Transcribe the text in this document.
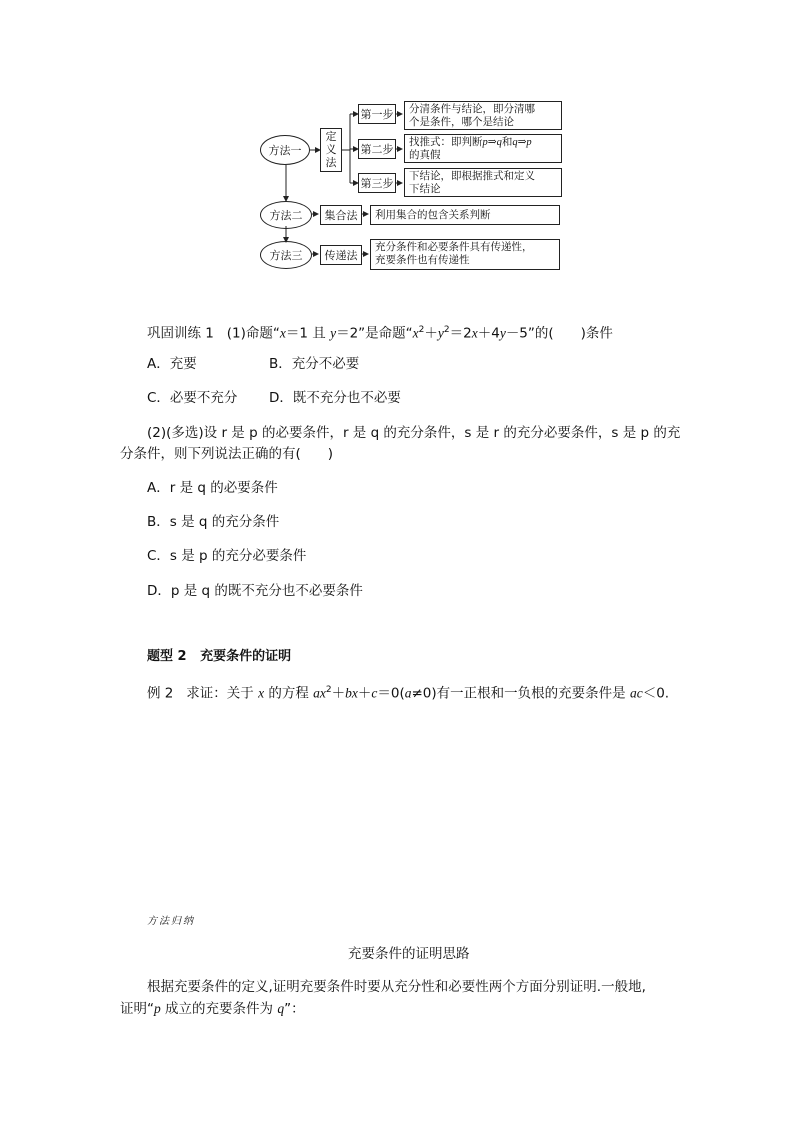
方法一
定
义
法
第一步
第二步
第三步
分清条件与结论，即分清哪
个是条件，哪个是结论
找推式：即判断p⇒q和q⇒p
的真假
下结论，即根据推式和定义
下结论
方法二 集合法	利用集合的包含关系判断
方法三 传递法
充分条件和必要条件具有传递性，
充要条件也有传递性
巩固训练 1 (1)命题“x＝1 且 y＝2”是命题“$x^2+y^2=2x+4y-5$”的(　　)条件
A．充要	B．充分不必要
C．必要不充分 D．既不充分也不必要
(2)(多选)设 r 是 p 的必要条件，r 是 q 的充分条件，s 是 r 的充分必要条件，s 是 p 的充
分条件，则下列说法正确的有(　　)
A．r 是 q 的必要条件
B．s 是 q 的充分条件
C．s 是 p 的充分必要条件
D．p 是 q 的既不充分也不必要条件
题型 2 充要条件的证明
例 2 求证：关于 x 的方程 $ax^2+bx+c=0(a\ne 0)$有一正根和一负根的充要条件是 ac＜0.
方法归纳
充要条件的证明思路
根据充要条件的定义,证明充要条件时要从充分性和必要性两个方面分别证明.一般地,
证明“p 成立的充要条件为 q”：
